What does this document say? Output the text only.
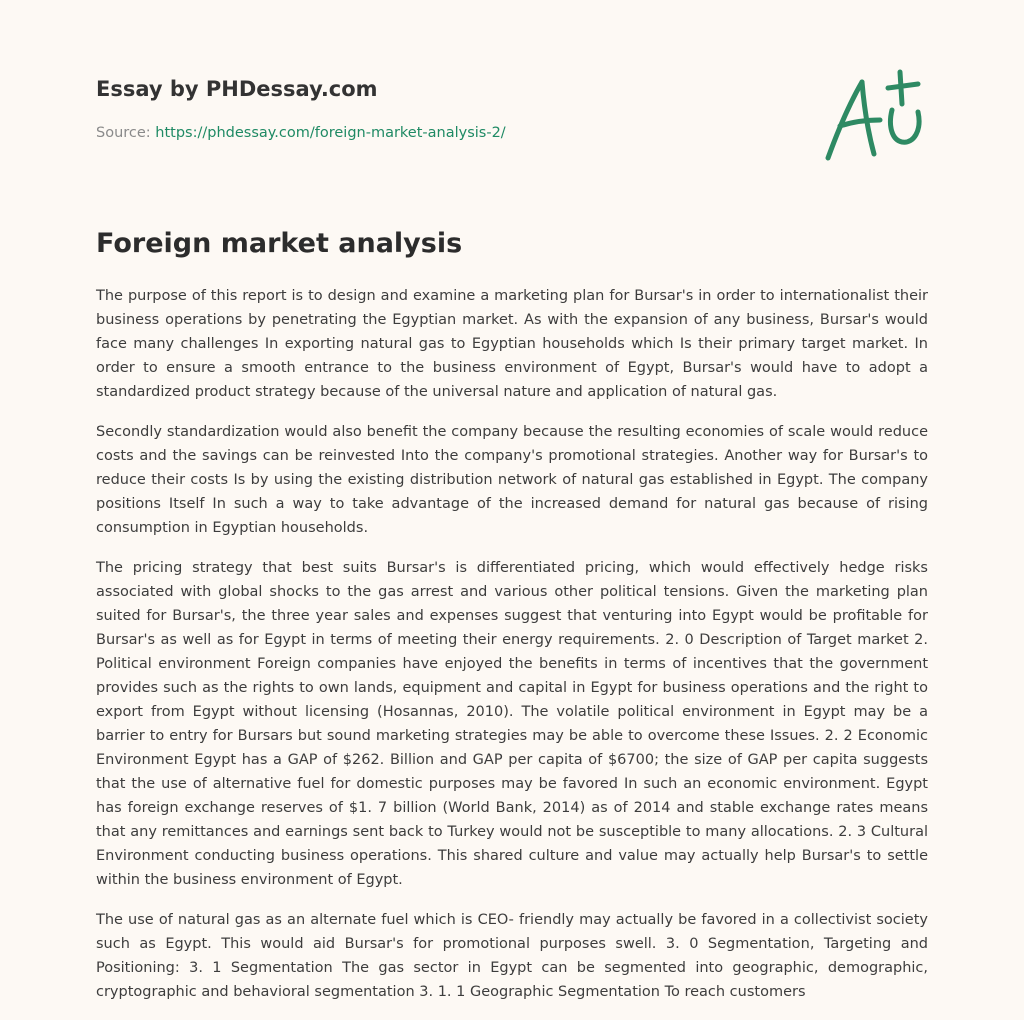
Essay by PHDessay.com
Source: https://phdessay.com/foreign-market-analysis-2/
Foreign market analysis

The purpose of this report is to design and examine a marketing plan for Bursar's in order to internationalist their business operations by penetrating the Egyptian market. As with the expansion of any business, Bursar's would face many challenges In exporting natural gas to Egyptian households which Is their primary target market. In order to ensure a smooth entrance to the business environment of Egypt, Bursar's would have to adopt a standardized product strategy because of the universal nature and application of natural gas.

Secondly standardization would also benefit the company because the resulting economies of scale would reduce costs and the savings can be reinvested Into the company's promotional strategies. Another way for Bursar's to reduce their costs Is by using the existing distribution network of natural gas established in Egypt. The company positions Itself In such a way to take advantage of the increased demand for natural gas because of rising consumption in Egyptian households.

The pricing strategy that best suits Bursar's is differentiated pricing, which would effectively hedge risks associated with global shocks to the gas arrest and various other political tensions. Given the marketing plan suited for Bursar's, the three year sales and expenses suggest that venturing into Egypt would be profitable for Bursar's as well as for Egypt in terms of meeting their energy requirements. 2. 0 Description of Target market 2. Political environment Foreign companies have enjoyed the benefits in terms of incentives that the government provides such as the rights to own lands, equipment and capital in Egypt for business operations and the right to export from Egypt without licensing (Hosannas, 2010). The volatile political environment in Egypt may be a barrier to entry for Bursars but sound marketing strategies may be able to overcome these Issues. 2. 2 Economic Environment Egypt has a GAP of $262. Billion and GAP per capita of $6700; the size of GAP per capita suggests that the use of alternative fuel for domestic purposes may be favored In such an economic environment. Egypt has foreign exchange reserves of $1. 7 billion (World Bank, 2014) as of 2014 and stable exchange rates means that any remittances and earnings sent back to Turkey would not be susceptible to many allocations. 2. 3 Cultural Environment conducting business operations. This shared culture and value may actually help Bursar's to settle within the business environment of Egypt.

The use of natural gas as an alternate fuel which is CEO- friendly may actually be favored in a collectivist society such as Egypt. This would aid Bursar's for promotional purposes swell. 3. 0 Segmentation, Targeting and Positioning: 3. 1 Segmentation The gas sector in Egypt can be segmented into geographic, demographic, cryptographic and behavioral segmentation 3. 1. 1 Geographic Segmentation To reach customers
